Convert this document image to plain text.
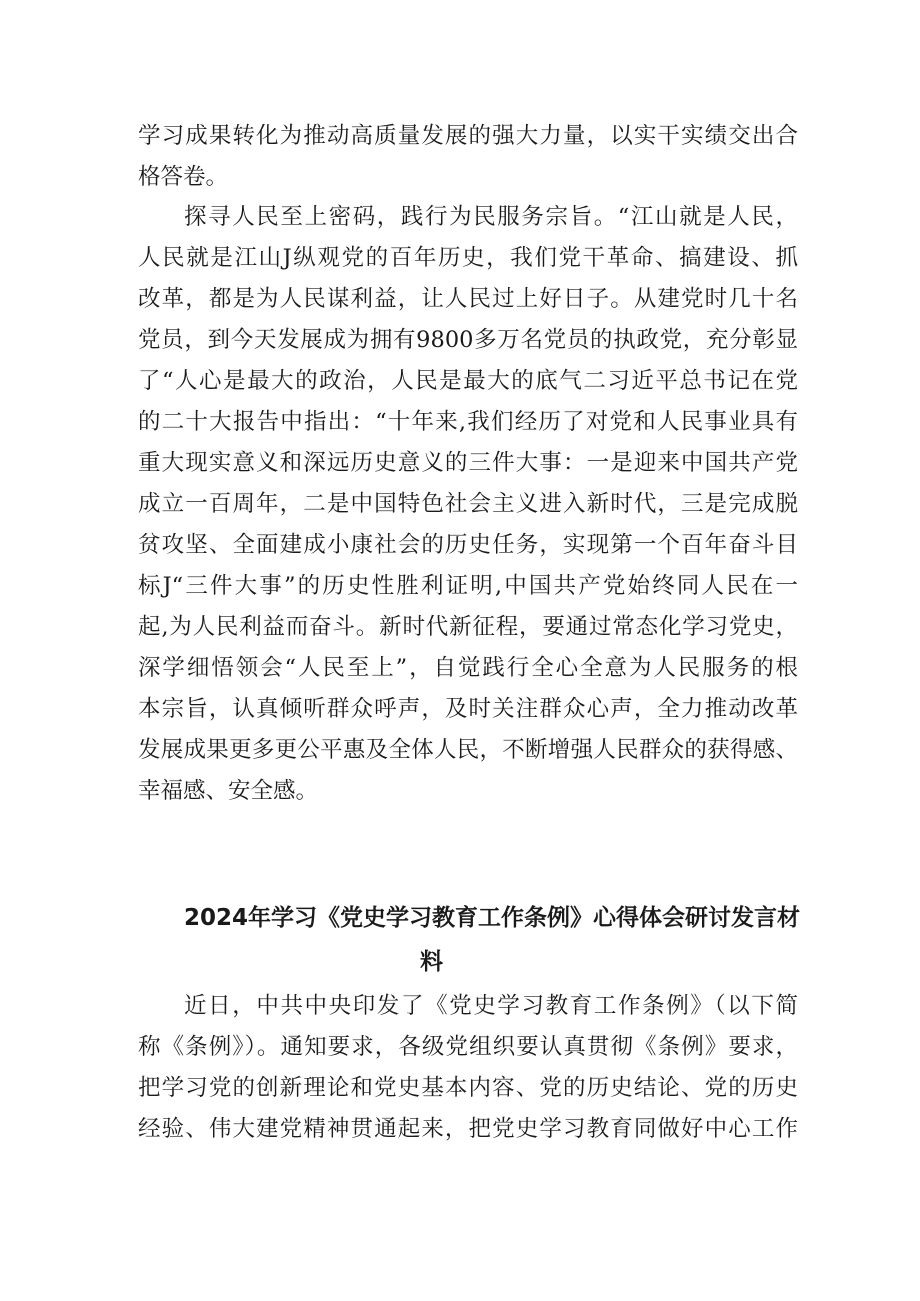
学习成果转化为推动高质量发展的强大力量，以实干实绩交出合
格答卷。
探寻人民至上密码，践行为民服务宗旨。“江山就是人民，
人民就是江山J纵观党的百年历史，我们党干革命、搞建设、抓
改革，都是为人民谋利益，让人民过上好日子。从建党时几十名
党员，到今天发展成为拥有9800多万名党员的执政党，充分彰显
了“人心是最大的政治，人民是最大的底气二习近平总书记在党
的二十大报告中指出：“十年来,我们经历了对党和人民事业具有
重大现实意义和深远历史意义的三件大事：一是迎来中国共产党
成立一百周年，二是中国特色社会主义进入新时代，三是完成脱
贫攻坚、全面建成小康社会的历史任务，实现第一个百年奋斗目
标J“三件大事”的历史性胜利证明,中国共产党始终同人民在一
起,为人民利益而奋斗。新时代新征程，要通过常态化学习党史，
深学细悟领会“人民至上”，自觉践行全心全意为人民服务的根
本宗旨，认真倾听群众呼声，及时关注群众心声，全力推动改革
发展成果更多更公平惠及全体人民，不断增强人民群众的获得感、
幸福感、安全感。
2024年学习《党史学习教育工作条例》心得体会研讨发言材
料
近日，中共中央印发了《党史学习教育工作条例》（以下简
称《条例》）。通知要求，各级党组织要认真贯彻《条例》要求，
把学习党的创新理论和党史基本内容、党的历史结论、党的历史
经验、伟大建党精神贯通起来，把党史学习教育同做好中心工作
